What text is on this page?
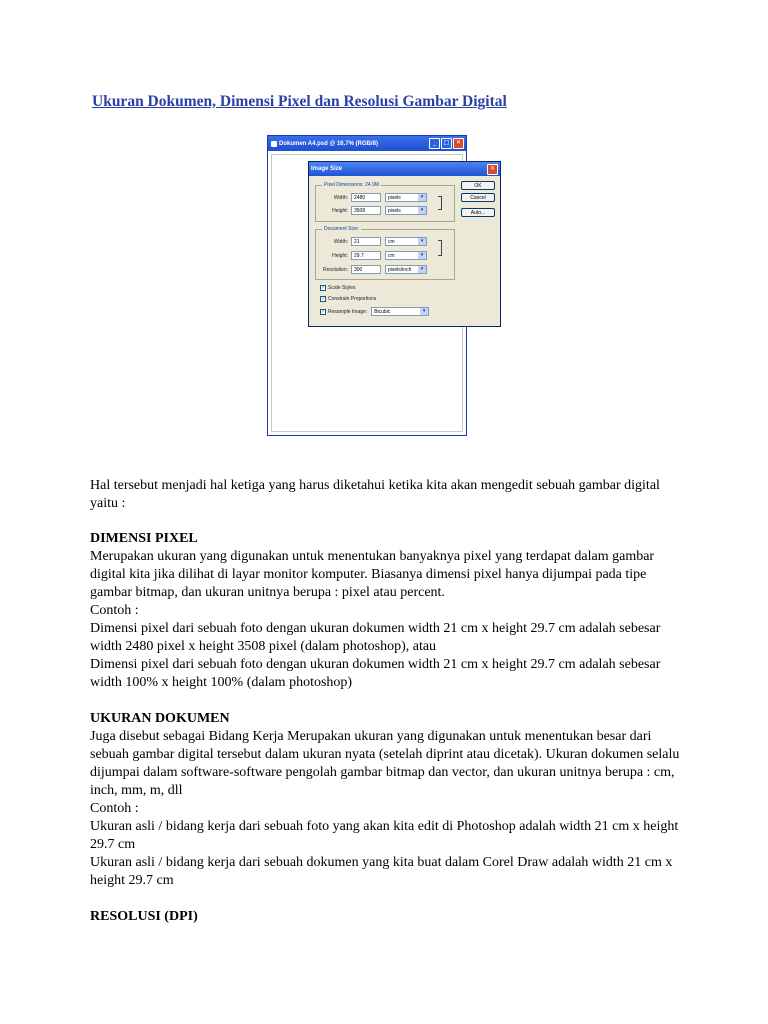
Ukuran Dokumen, Dimensi Pixel dan Resolusi Gambar Digital
Dokumen A4.psd @ 16.7% (RGB/8)	_	□	✕
Image Size	✕
Pixel Dimensions: 24.9M
Width:	2480	pixels	▾
Height:	3508	pixels	▾
Document Size:
Width:	21	cm	▾
Height:	29.7	cm	▾
Resolution:	300	pixels/inch	▾
OK
Cancel
Auto...
✓ Scale Styles
✓ Constrain Proportions
✓ Resample Image:	Bicubic	▾

Hal tersebut menjadi hal ketiga yang harus diketahui ketika kita akan mengedit sebuah gambar digital yaitu :

DIMENSI PIXEL

Merupakan ukuran yang digunakan untuk menentukan banyaknya pixel yang terdapat dalam gambar digital kita jika dilihat di layar monitor komputer. Biasanya dimensi pixel hanya dijumpai pada tipe gambar bitmap, dan ukuran unitnya berupa : pixel atau percent.

Contoh :

Dimensi pixel dari sebuah foto dengan ukuran dokumen width 21 cm x height 29.7 cm adalah sebesar width 2480 pixel x height 3508 pixel (dalam photoshop), atau

Dimensi pixel dari sebuah foto dengan ukuran dokumen width 21 cm x height 29.7 cm adalah sebesar width 100% x height 100% (dalam photoshop)

UKURAN DOKUMEN

Juga disebut sebagai Bidang Kerja Merupakan ukuran yang digunakan untuk menentukan besar dari sebuah gambar digital tersebut dalam ukuran nyata (setelah diprint atau dicetak). Ukuran dokumen selalu dijumpai dalam software-software pengolah gambar bitmap dan vector, dan ukuran unitnya berupa : cm, inch, mm, m, dll

Contoh :

Ukuran asli / bidang kerja dari sebuah foto yang akan kita edit di Photoshop adalah width 21 cm x height 29.7 cm

Ukuran asli / bidang kerja dari sebuah dokumen yang kita buat dalam Corel Draw adalah width 21 cm x height 29.7 cm

RESOLUSI (DPI)
